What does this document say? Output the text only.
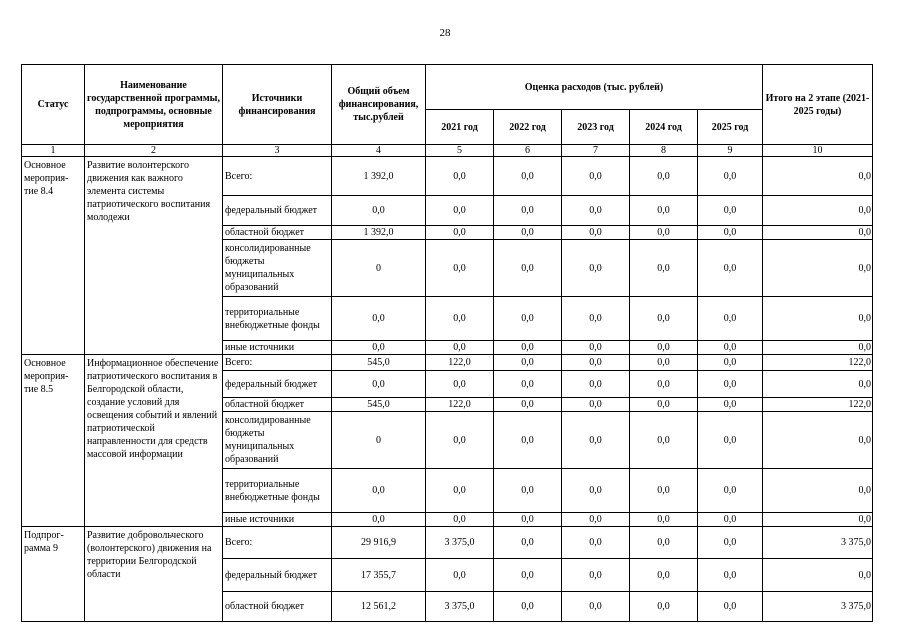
28
Статус	Наименование государственной программы, подпрограммы, основные мероприятия	Источники финансирования	Общий объем финансирования, тыс.рублей	Оценка расходов (тыс. рублей)					Итого на 2 этапе (2021-2025 годы)
				2021 год	2022 год	2023 год	2024 год	2025 год	
1	2	3	4	5	6	7	8	9	10
Основное мероприя-тие 8.4	Развитие волонтерского движения как важного элемента системы патриотического воспитания молодежи	Всего:	1 392,0	0,0	0,0	0,0	0,0	0,0	0,0
		федеральный бюджет	0,0	0,0	0,0	0,0	0,0	0,0	0,0
		областной бюджет	1 392,0	0,0	0,0	0,0	0,0	0,0	0,0
		консолидированные бюджеты муниципальных образований	0	0,0	0,0	0,0	0,0	0,0	0,0
		территориальные внебюджетные фонды	0,0	0,0	0,0	0,0	0,0	0,0	0,0
		иные источники	0,0	0,0	0,0	0,0	0,0	0,0	0,0
Основное мероприя-тие 8.5	Информационное обеспечение патриотического воспитания в Белгородской области, создание условий для освещения событий и явлений патриотической направленности для средств массовой информации	Всего:	545,0	122,0	0,0	0,0	0,0	0,0	122,0
		федеральный бюджет	0,0	0,0	0,0	0,0	0,0	0,0	0,0
		областной бюджет	545,0	122,0	0,0	0,0	0,0	0,0	122,0
		консолидированные бюджеты муниципальных образований	0	0,0	0,0	0,0	0,0	0,0	0,0
		территориальные внебюджетные фонды	0,0	0,0	0,0	0,0	0,0	0,0	0,0
		иные источники	0,0	0,0	0,0	0,0	0,0	0,0	0,0
Подпрог-рамма 9	Развитие добровольческого (волонтерского) движения на территории Белгородской области	Всего:	29 916,9	3 375,0	0,0	0,0	0,0	0,0	3 375,0
		федеральный бюджет	17 355,7	0,0	0,0	0,0	0,0	0,0	0,0
		областной бюджет	12 561,2	3 375,0	0,0	0,0	0,0	0,0	3 375,0
